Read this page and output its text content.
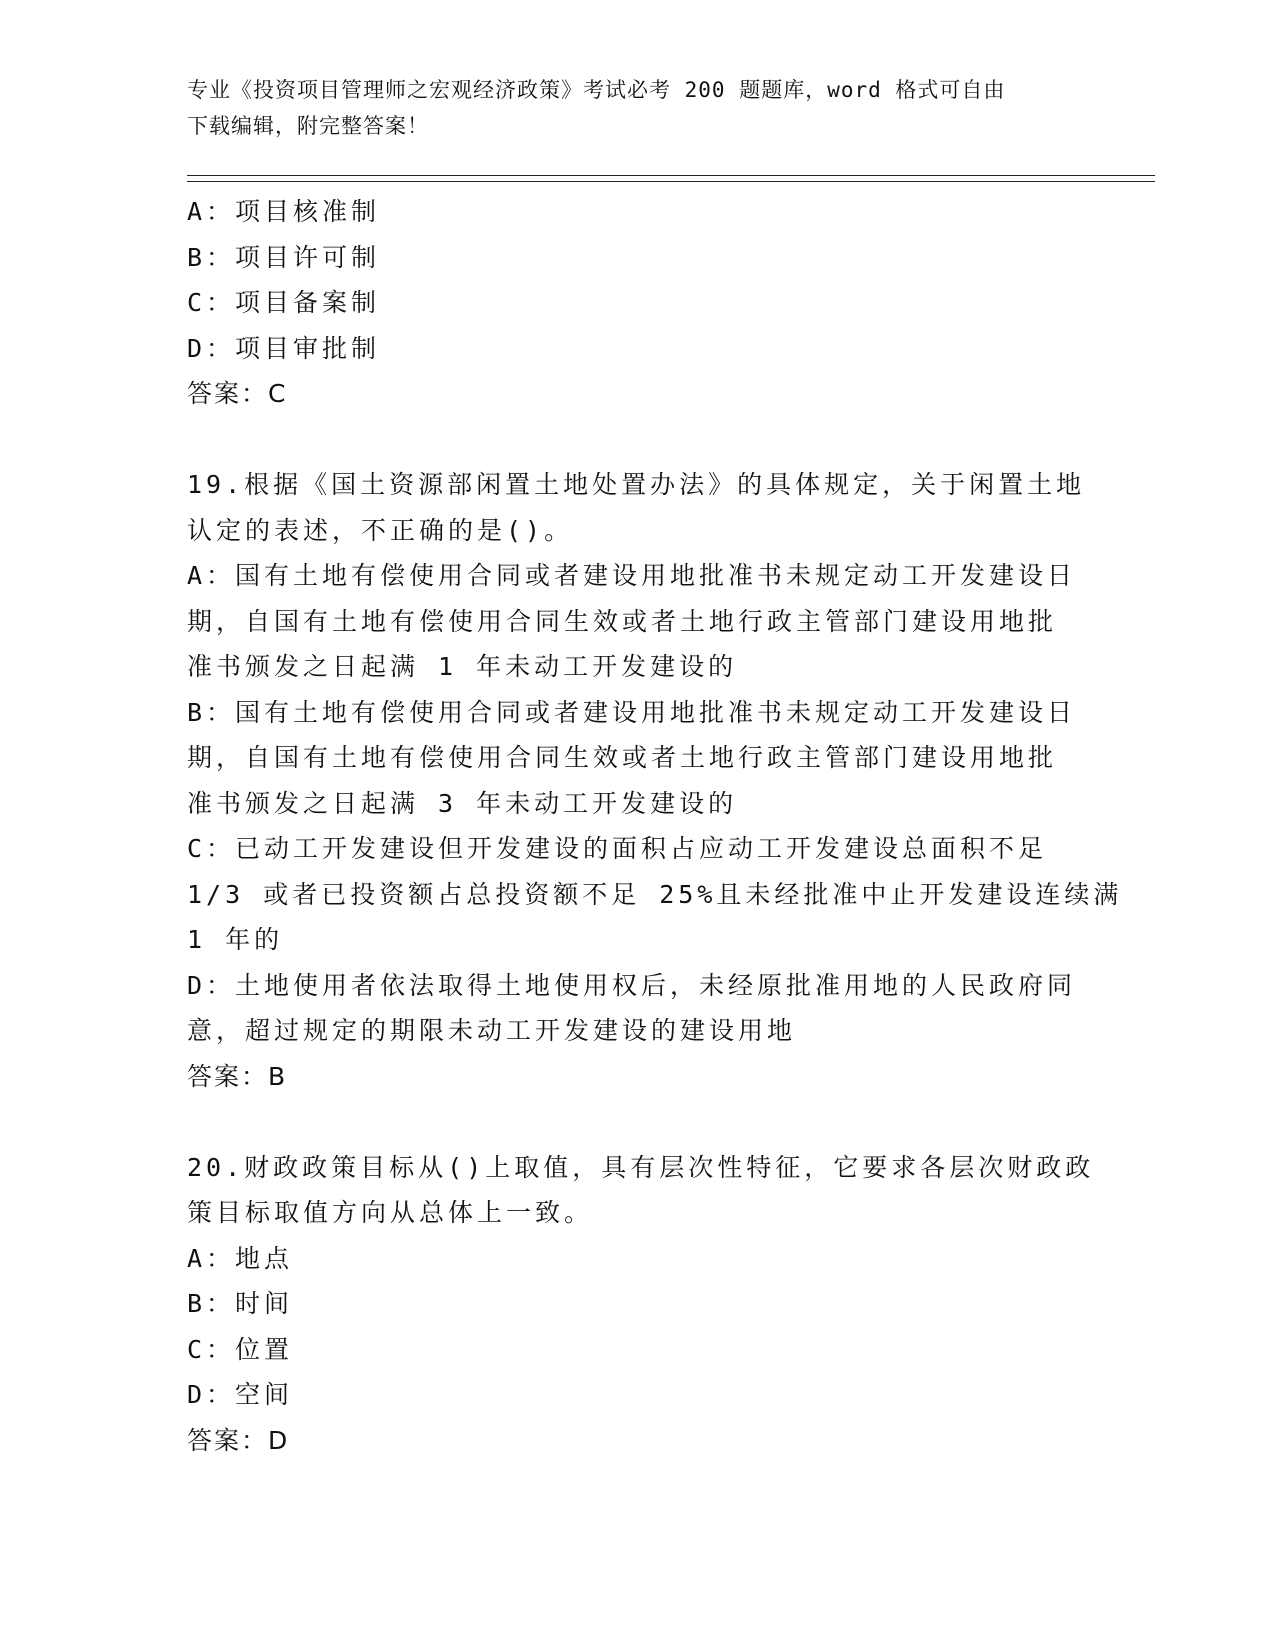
专业《投资项目管理师之宏观经济政策》考试必考 200 题题库，word 格式可自由
下载编辑，附完整答案！
A：项目核准制
B：项目许可制
C：项目备案制
D：项目审批制
答案：C
19.根据《国土资源部闲置土地处置办法》的具体规定，关于闲置土地
认定的表述，不正确的是()。
A：国有土地有偿使用合同或者建设用地批准书未规定动工开发建设日
期，自国有土地有偿使用合同生效或者土地行政主管部门建设用地批
准书颁发之日起满 1 年未动工开发建设的
B：国有土地有偿使用合同或者建设用地批准书未规定动工开发建设日
期，自国有土地有偿使用合同生效或者土地行政主管部门建设用地批
准书颁发之日起满 3 年未动工开发建设的
C：已动工开发建设但开发建设的面积占应动工开发建设总面积不足
1/3 或者已投资额占总投资额不足 25%且未经批准中止开发建设连续满
1 年的
D：土地使用者依法取得土地使用权后，未经原批准用地的人民政府同
意，超过规定的期限未动工开发建设的建设用地
答案：B
20.财政政策目标从()上取值，具有层次性特征，它要求各层次财政政
策目标取值方向从总体上一致。
A：地点
B：时间
C：位置
D：空间
答案：D
